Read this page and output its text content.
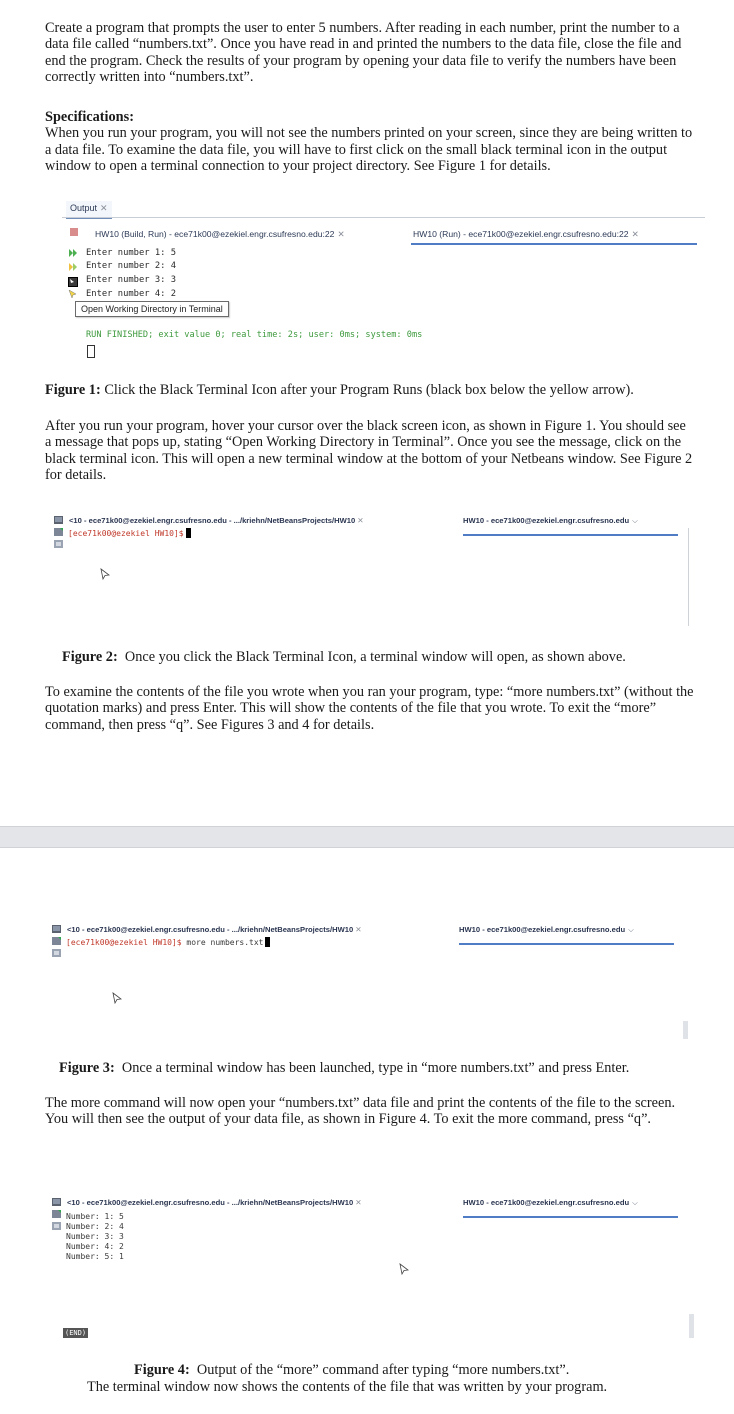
Create a program that prompts the user to enter 5 numbers. After reading in each number, print the number to a data file called “numbers.txt”. Once you have read in and printed the numbers to the data file, close the file and end the program. Check the results of your program by opening your data file to verify the numbers have been correctly written into “numbers.txt”.

Specifications:
When you run your program, you will not see the numbers printed on your screen, since they are being written to a data file. To examine the data file, you will have to first click on the small black terminal icon in the output window to open a terminal connection to your project directory. See Figure 1 for details.
Output ✕
HW10 (Build, Run) - ece71k00@ezekiel.engr.csufresno.edu:22 ✕	HW10 (Run) - ece71k00@ezekiel.engr.csufresno.edu:22 ✕
Enter number 1: 5
Enter number 2: 4
Enter number 3: 3
Enter number 4: 2
Open Working Directory in Terminal
RUN FINISHED; exit value 0; real time: 2s; user: 0ms; system: 0ms

Figure 1: Click the Black Terminal Icon after your Program Runs (black box below the yellow arrow).

After you run your program, hover your cursor over the black screen icon, as shown in Figure 1. You should see a message that pops up, stating “Open Working Directory in Terminal”. Once you see the message, click on the black terminal icon. This will open a new terminal window at the bottom of your Netbeans window. See Figure 2 for details.

<10 - ece71k00@ezekiel.engr.csufresno.edu - .../kriehn/NetBeansProjects/HW10 ✕	HW10 - ece71k00@ezekiel.engr.csufresno.edu ⌵
[ece71k00@ezekiel HW10]$

Figure 2: Once you click the Black Terminal Icon, a terminal window will open, as shown above.

To examine the contents of the file you wrote when you ran your program, type: “more numbers.txt” (without the quotation marks) and press Enter. This will show the contents of the file that you wrote. To exit the “more” command, then press “q”. See Figures 3 and 4 for details.

<10 - ece71k00@ezekiel.engr.csufresno.edu - .../kriehn/NetBeansProjects/HW10 ✕	HW10 - ece71k00@ezekiel.engr.csufresno.edu ⌵
[ece71k00@ezekiel HW10]$ more numbers.txt

Figure 3: Once a terminal window has been launched, type in “more numbers.txt” and press Enter.

The more command will now open your “numbers.txt” data file and print the contents of the file to the screen. You will then see the output of your data file, as shown in Figure 4. To exit the more command, press “q”.

<10 - ece71k00@ezekiel.engr.csufresno.edu - .../kriehn/NetBeansProjects/HW10 ✕	HW10 - ece71k00@ezekiel.engr.csufresno.edu ⌵
Number: 1: 5
Number: 2: 4
Number: 3: 3
Number: 4: 2
Number: 5: 1
(END)

Figure 4: Output of the “more” command after typing “more numbers.txt”.

The terminal window now shows the contents of the file that was written by your program.
